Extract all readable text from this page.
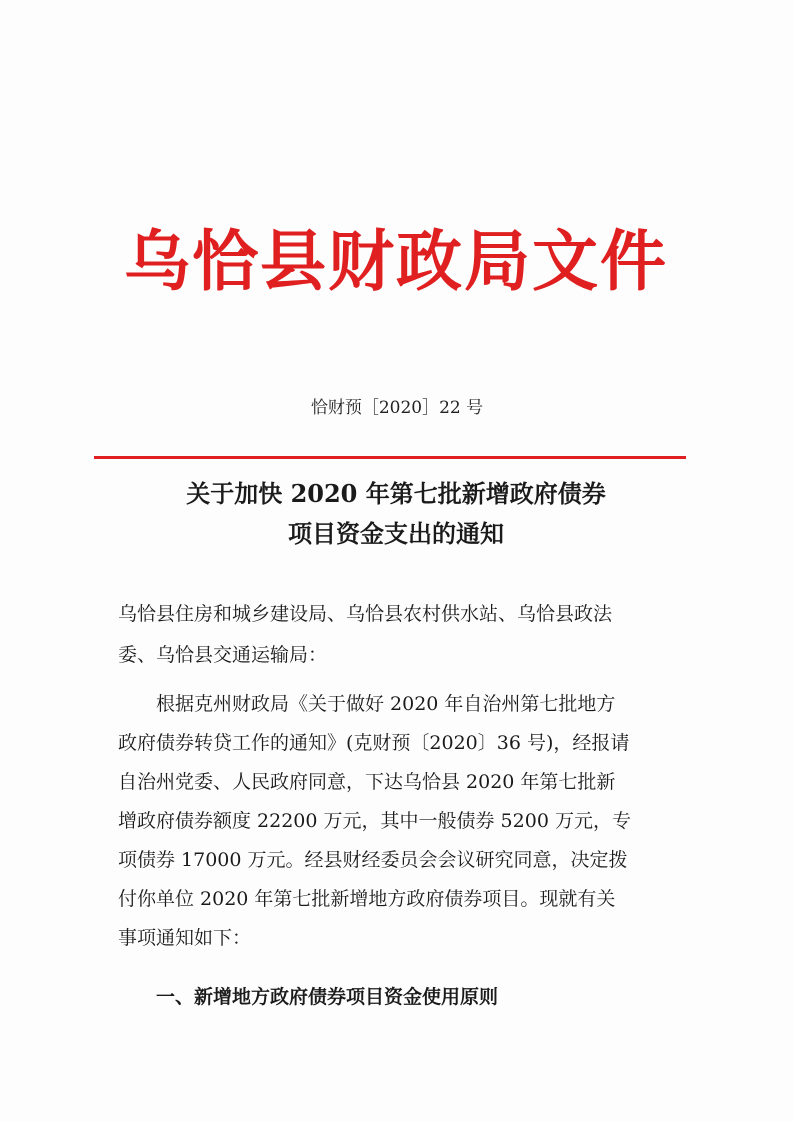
乌恰县财政局文件
恰财预［2020］22 号
关于加快 2020 年第七批新增政府债券
项目资金支出的通知
乌恰县住房和城乡建设局、乌恰县农村供水站、乌恰县政法
委、乌恰县交通运输局：
根据克州财政局《关于做好 2020 年自治州第七批地方
政府债券转贷工作的通知》(克财预〔2020〕36 号)，经报请
自治州党委、人民政府同意，下达乌恰县 2020 年第七批新
增政府债券额度 22200 万元，其中一般债券 5200 万元，专
项债券 17000 万元。经县财经委员会会议研究同意，决定拨
付你单位 2020 年第七批新增地方政府债券项目。现就有关
事项通知如下：
一、新增地方政府债券项目资金使用原则
